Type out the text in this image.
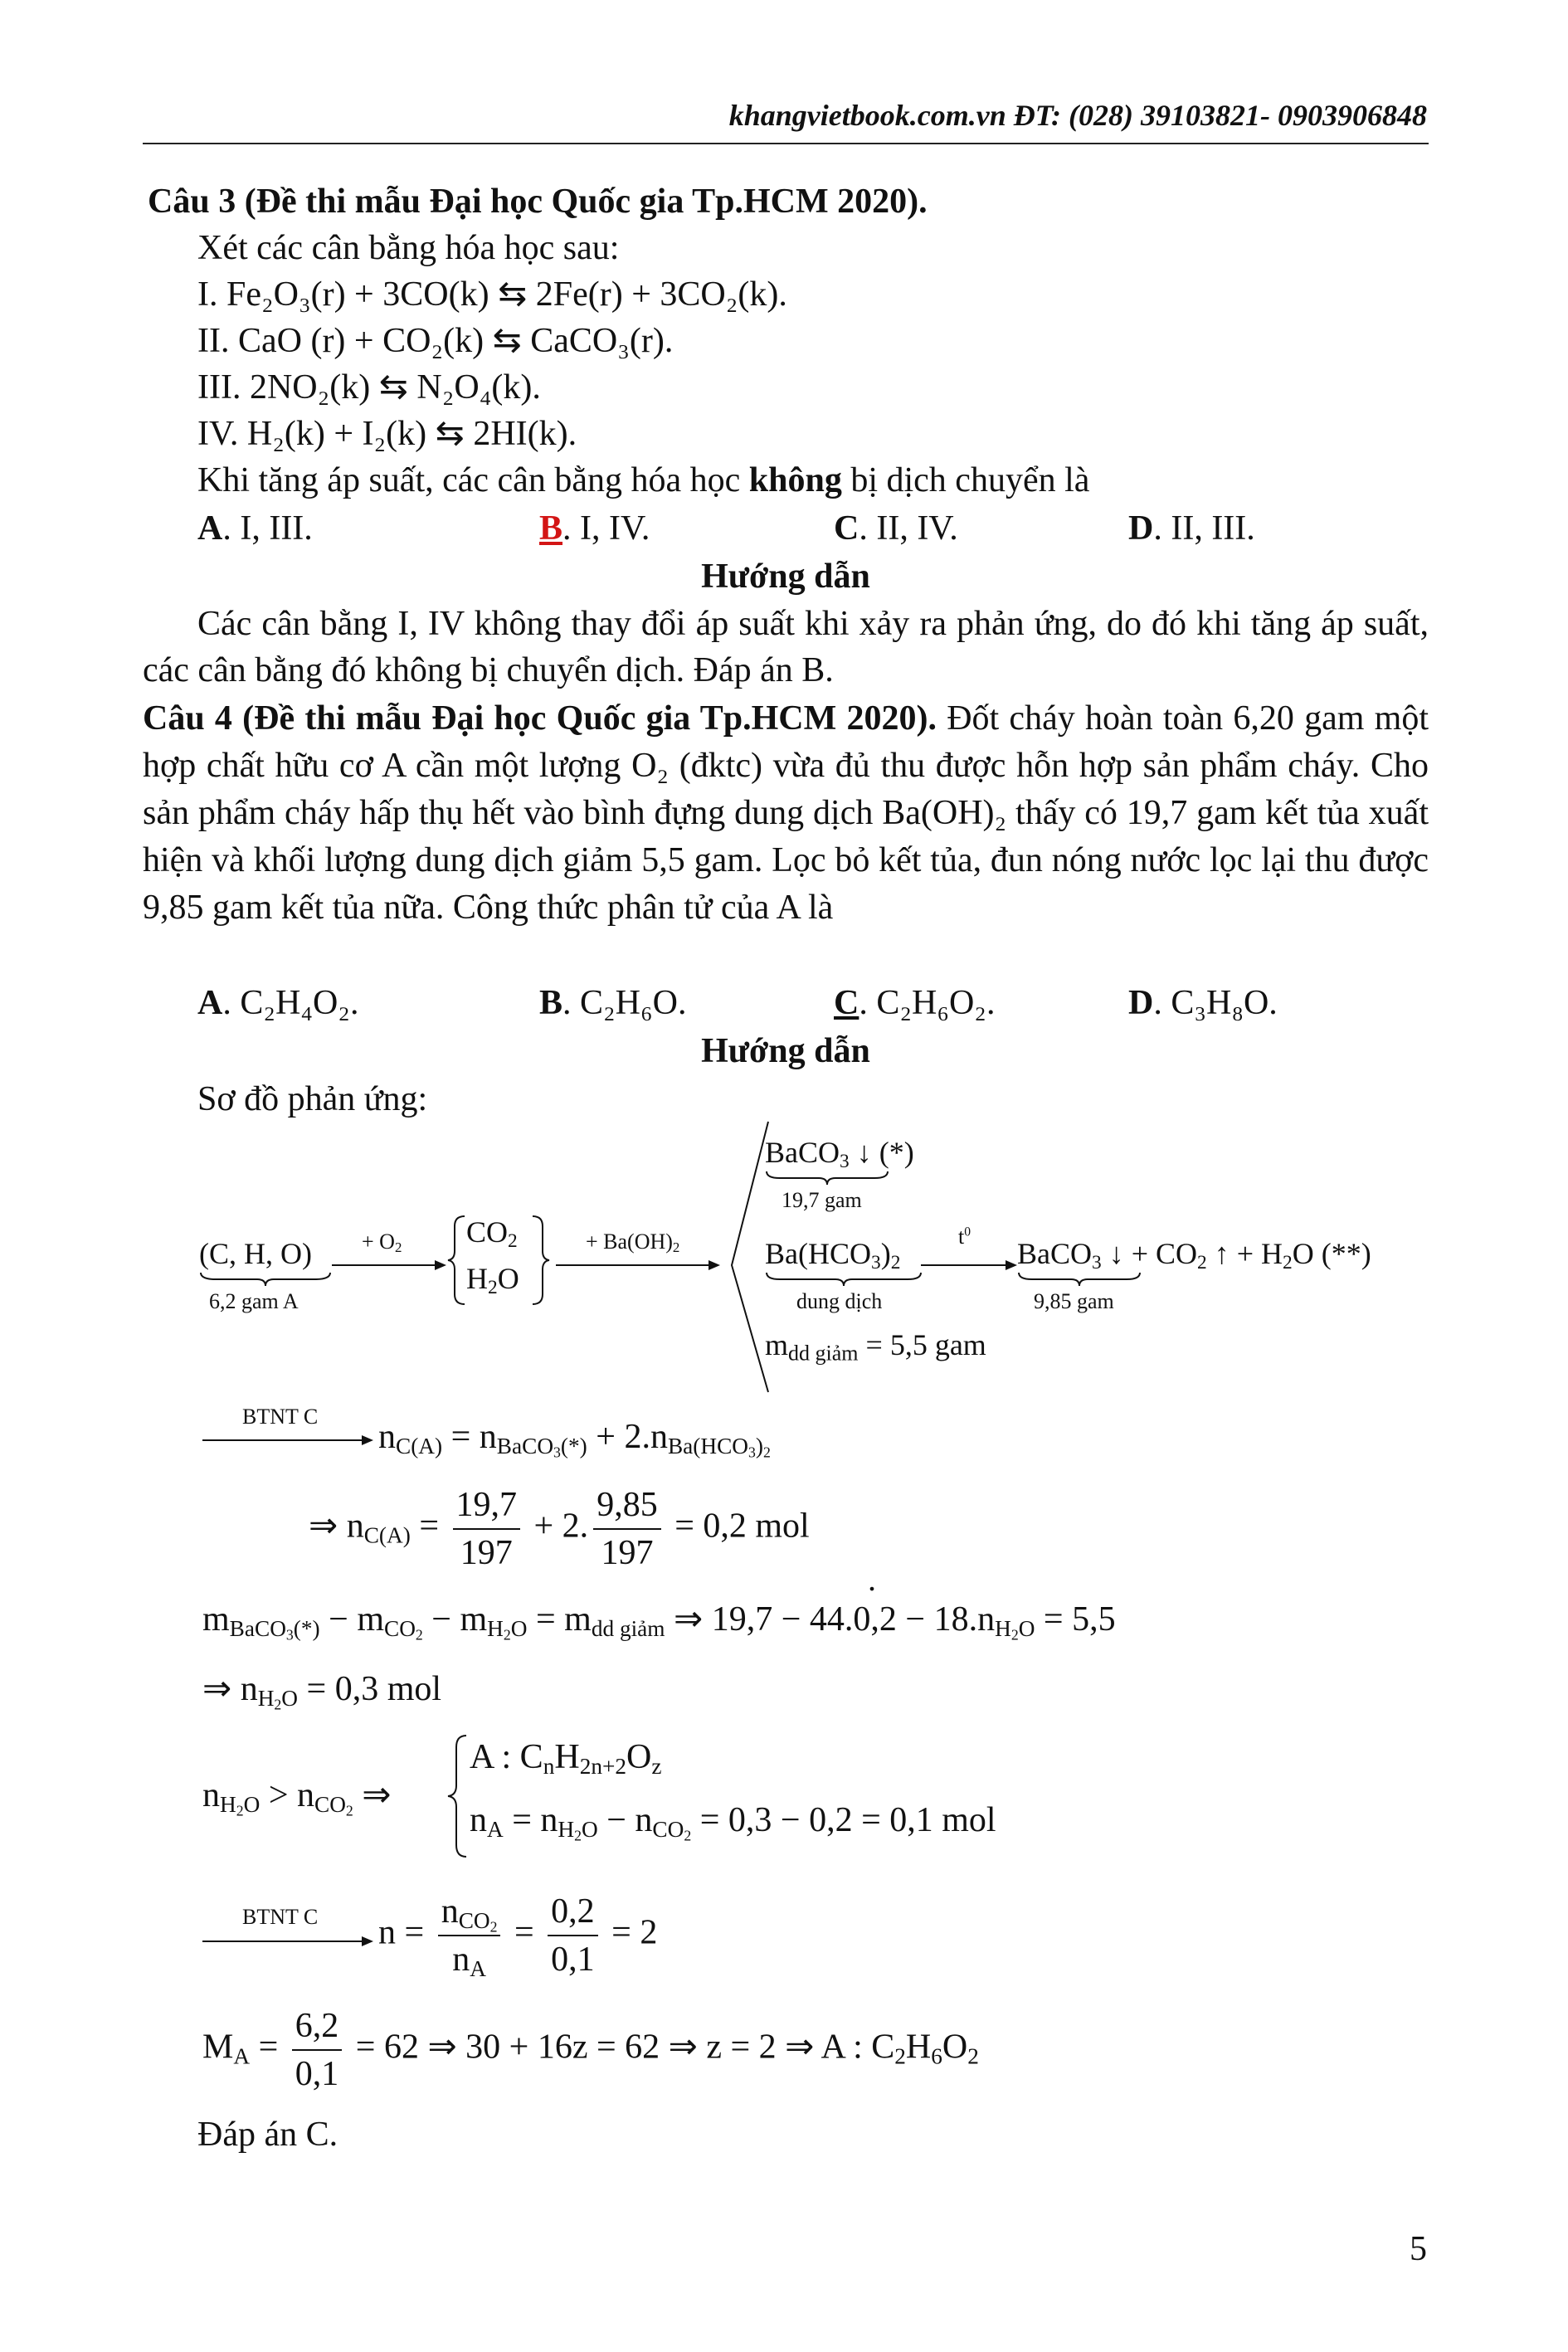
khangvietbook.com.vn ĐT: (028) 39103821- 0903906848
Câu 3 (Đề thi mẫu Đại học Quốc gia Tp.HCM 2020).
Xét các cân bằng hóa học sau:
I. Fe₂O₃(r) + 3CO(k) ⇆ 2Fe(r) + 3CO₂(k).
II. CaO (r) + CO₂(k) ⇆ CaCO₃(r).
III. 2NO₂(k) ⇆ N₂O₄(k).
IV. H₂(k) + I₂(k) ⇆ 2HI(k).
Khi tăng áp suất, các cân bằng hóa học không bị dịch chuyển là
A. I, III.	B. I, IV.	C. II, IV.	D. II, III.
Hướng dẫn
Các cân bằng I, IV không thay đổi áp suất khi xảy ra phản ứng, do đó khi tăng áp suất, các cân bằng đó không bị chuyển dịch. Đáp án B.
Câu 4 (Đề thi mẫu Đại học Quốc gia Tp.HCM 2020). Đốt cháy hoàn toàn 6,20 gam một hợp chất hữu cơ A cần một lượng O₂ (đktc) vừa đủ thu được hỗn hợp sản phẩm cháy. Cho sản phẩm cháy hấp thụ hết vào bình đựng dung dịch Ba(OH)₂ thấy có 19,7 gam kết tủa xuất hiện và khối lượng dung dịch giảm 5,5 gam. Lọc bỏ kết tủa, đun nóng nước lọc lại thu được 9,85 gam kết tủa nữa. Công thức phân tử của A là
A. C₂H₄O₂.	B. C₂H₆O.	C. C₂H₆O₂.	D. C₃H₈O.
Hướng dẫn
Sơ đồ phản ứng:
(C, H, O)
6,2 gam A
+ $O_2$ $CO_2$
$H_2O$
+ $Ba(OH)_2$
BaCO$_3$ ↓ (*)
19,7 gam
$Ba(HCO_3)_2$
dung dịch
$t^0$
BaCO$_3$ ↓ + $CO_2$ ↑ + $H_2O$ (**)
9,85 gam
$m_{dd giảm} = 5,5$ gam
BTNT C
$n_{C(A)} = n_{BaCO_3(*)} + 2.n_{Ba(HCO_3)_2}$
⇒ $n_{C(A)} = \frac{19,7}{197} + 2$. $\frac{9,85}{197} = 0,2$ mol
.
$m_{BaCO_3(*)} - m_{CO_2} - m_{H_2O} = m_{dd giảm}$ ⇒ $19,7 - 44.0,2 - 18.n_{H_2O} = 5,5$
⇒ $n_{H_2O} = 0,3$ mol
$n_{H_2O} > n_{CO_2}$ ⇒
A : $C_nH_{2n+2}O_z$
$n_A = n_{H_2O} - n_{CO_2} = 0,3 - 0,2 = 0,1$ mol
BTNT C $n = \frac{n_{CO_2}}{n_A} = \frac{0,2}{0,1} = 2$
$M_A = \frac{6,2}{0,1} = 62$ ⇒ 30 + 16z = 62 ⇒ z = 2 ⇒ A : $C_2H_6O_2$
Đáp án C.
5
